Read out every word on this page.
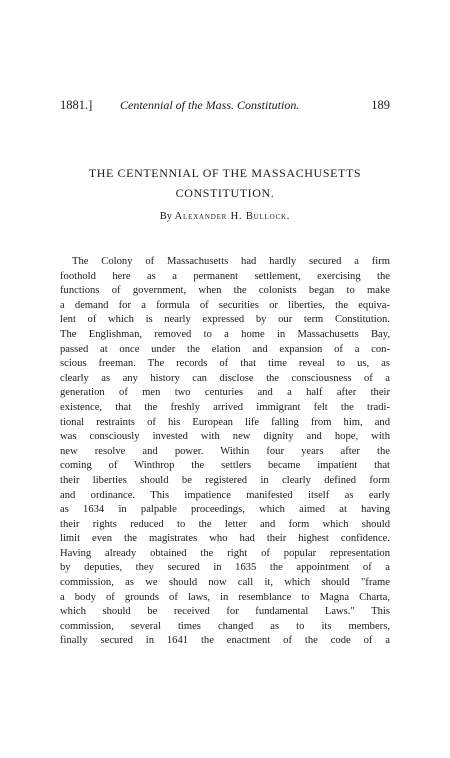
1881.] Centennial of the Mass. Constitution.	189
THE CENTENNIAL OF THE MASSACHUSETTS
CONSTITUTION.
By Alexander H. Bullock.
The Colony of Massachusetts had hardly secured a firm
foothold here as a permanent settlement, exercising the
functions of government, when the colonists began to make
a demand for a formula of securities or liberties, the equiva-
lent of which is nearly expressed by our term Constitution.
The Englishman, removed to a home in Massachusetts Bay,
passed at once under the elation and expansion of a con-
scious freeman. The records of that time reveal to us, as
clearly as any history can disclose the consciousness of a
generation of men two centuries and a half after their
existence, that the freshly arrived immigrant felt the tradi-
tional restraints of his European life falling from him, and
was consciously invested with new dignity and hope, with
new resolve and power. Within four years after the
coming of Winthrop the settlers became impatient that
their liberties should be registered in clearly defined form
and ordinance. This impatience manifested itself as early
as 1634 in palpable proceedings, which aimed at having
their rights reduced to the letter and form which should
limit even the magistrates who had their highest confidence.
Having already obtained the right of popular representation
by deputies, they secured in 1635 the appointment of a
commission, as we should now call it, which should "frame
a body of grounds of laws, in resemblance to Magna Charta,
which should be received for fundamental Laws." This
commission, several times changed as to its members,
finally secured in 1641 the enactment of the code of a
